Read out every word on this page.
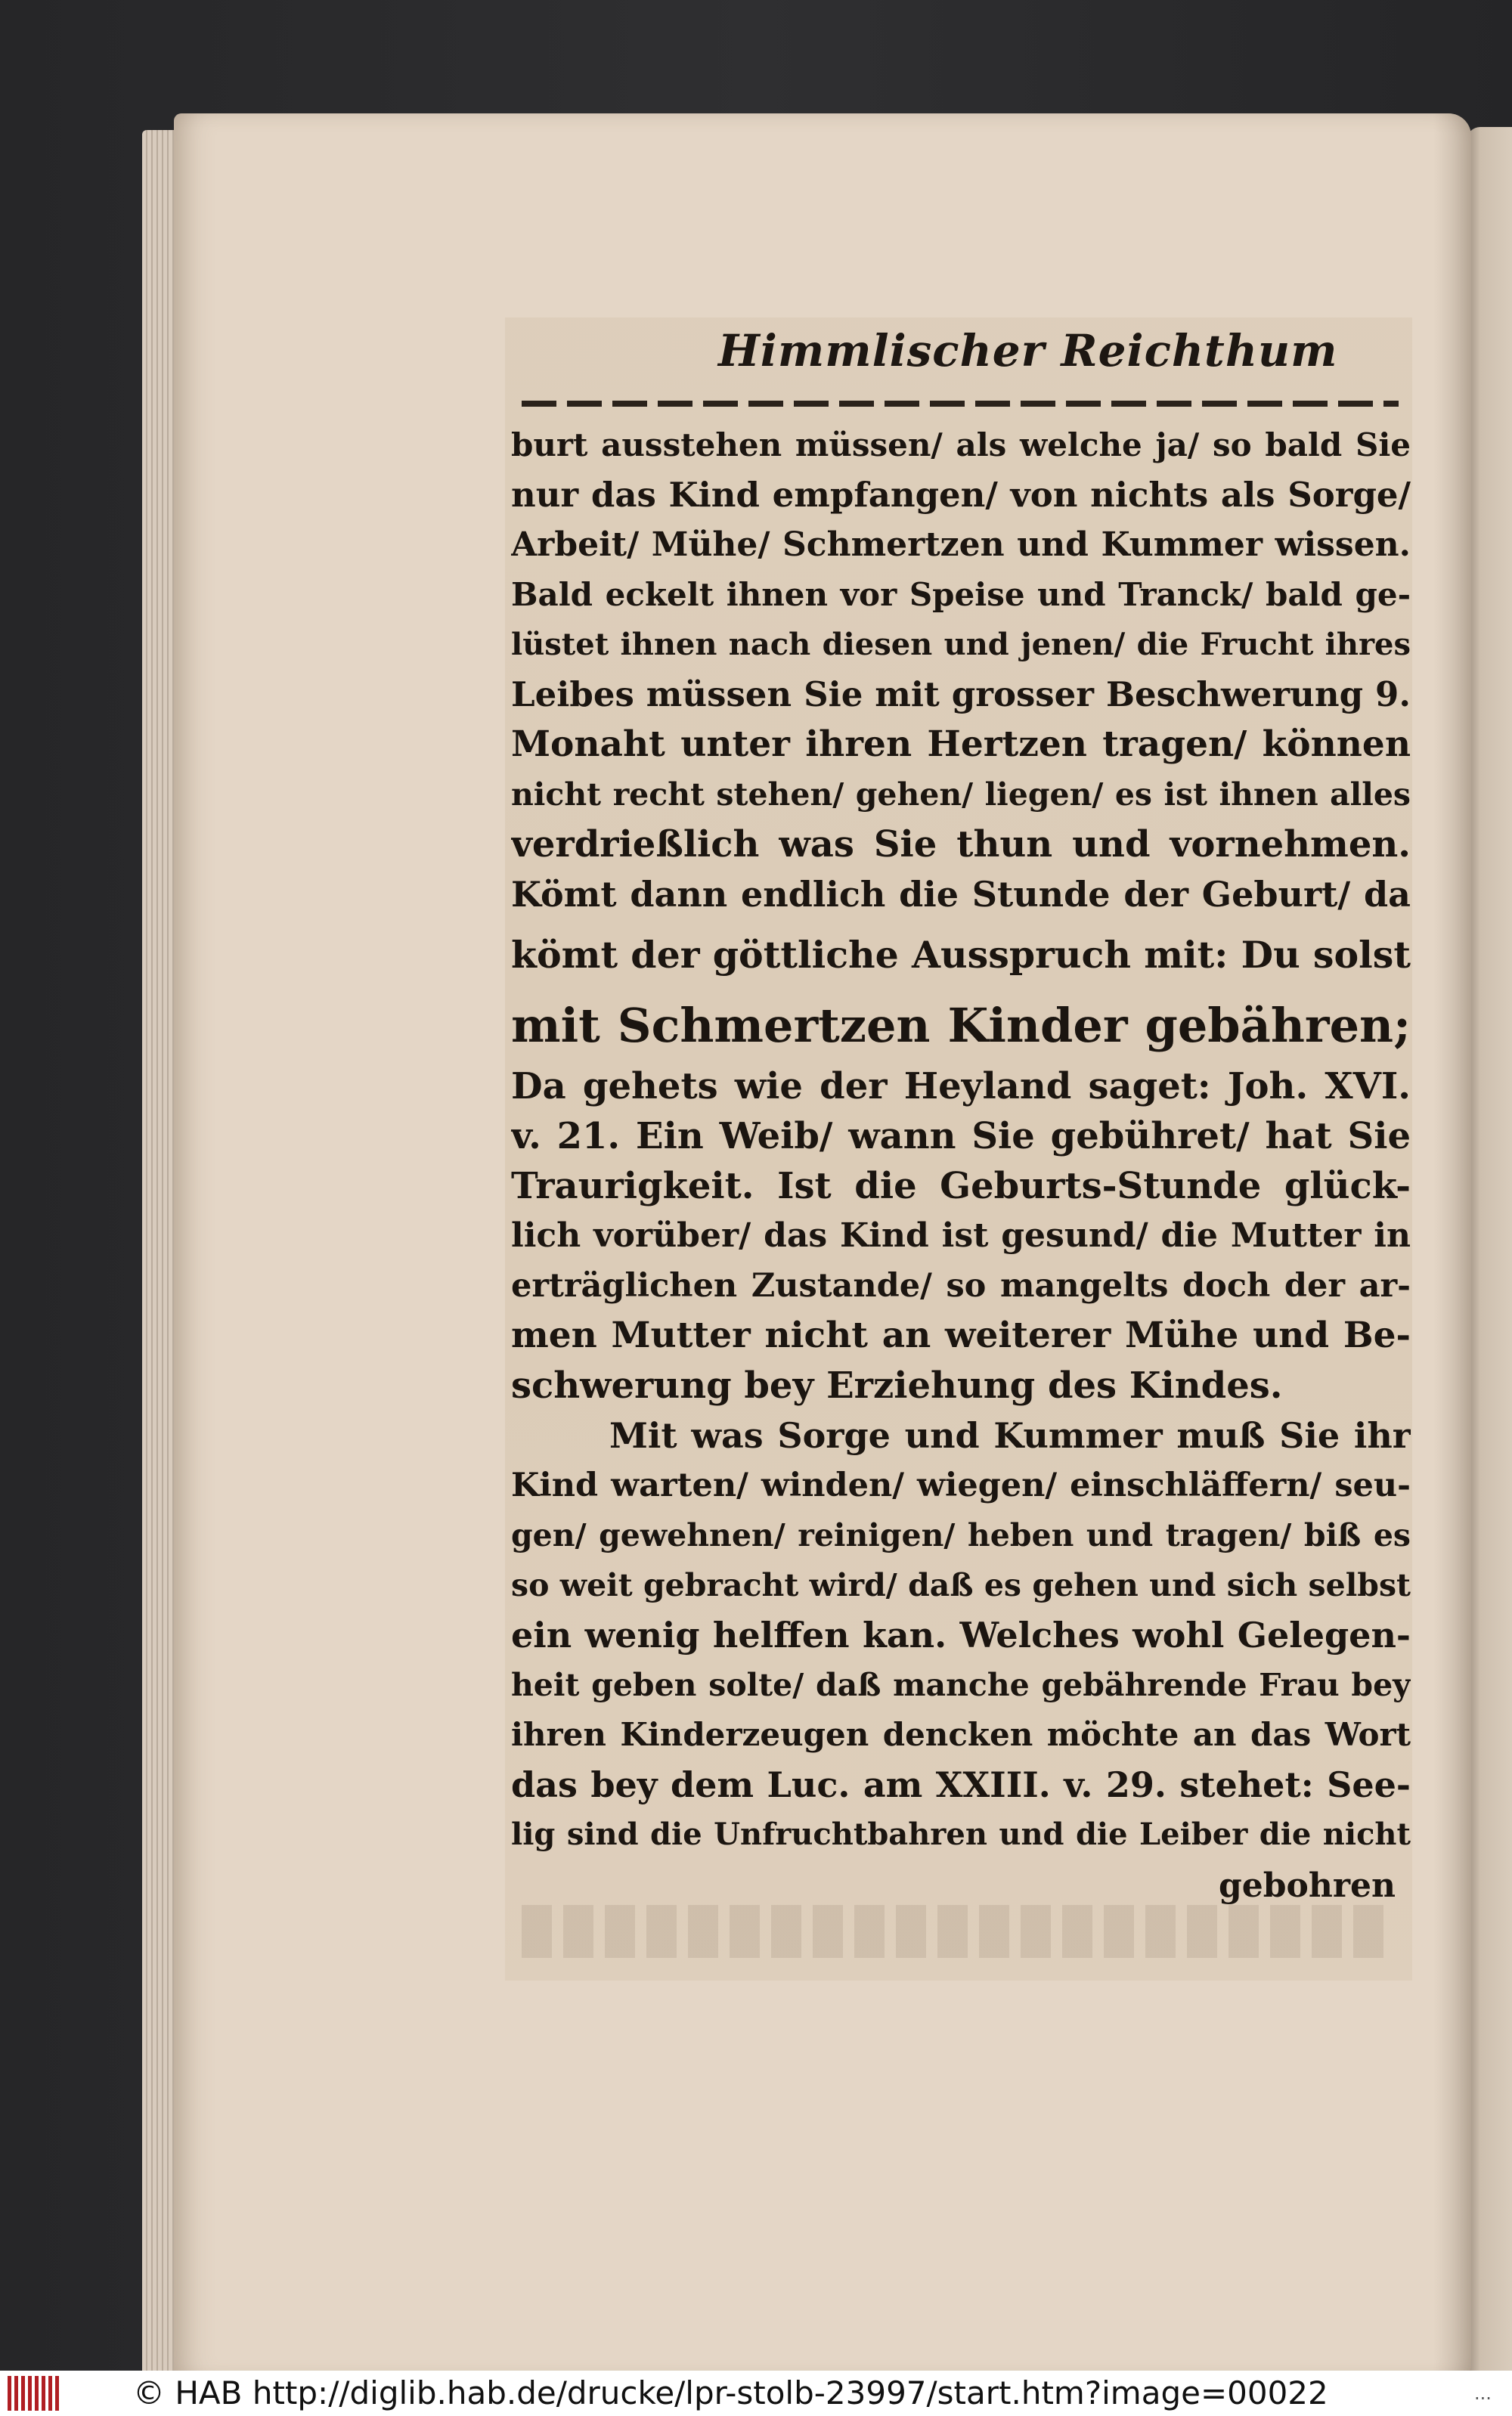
Himmlischer Reichthum
burt ausstehen müssen/ als welche ja/ so bald Sie
nur das Kind empfangen/ von nichts als Sorge/
Arbeit/ Mühe/ Schmertzen und Kummer wissen.
Bald eckelt ihnen vor Speise und Tranck/ bald ge-
lüstet ihnen nach diesen und jenen/ die Frucht ihres
Leibes müssen Sie mit grosser Beschwerung 9.
Monaht unter ihren Hertzen tragen/ können
nicht recht stehen/ gehen/ liegen/ es ist ihnen alles
verdrießlich was Sie thun und vornehmen.
Kömt dann endlich die Stunde der Geburt/ da
kömt der göttliche Ausspruch mit: Du solst
mit Schmertzen Kinder gebähren;
Da gehets wie der Heyland saget: Joh. XVI.
v. 21. Ein Weib/ wann Sie gebühret/ hat Sie
Traurigkeit. Ist die Geburts-Stunde glück-
lich vorüber/ das Kind ist gesund/ die Mutter in
erträglichen Zustande/ so mangelts doch der ar-
men Mutter nicht an weiterer Mühe und Be-
schwerung bey Erziehung des Kindes.
Mit was Sorge und Kummer muß Sie ihr
Kind warten/ winden/ wiegen/ einschläffern/ seu-
gen/ gewehnen/ reinigen/ heben und tragen/ biß es
so weit gebracht wird/ daß es gehen und sich selbst
ein wenig helffen kan. Welches wohl Gelegen-
heit geben solte/ daß manche gebährende Frau bey
ihren Kinderzeugen dencken möchte an das Wort
das bey dem Luc. am XXIII. v. 29. stehet: See-
lig sind die Unfruchtbahren und die Leiber die nicht
gebohren
© HAB http://diglib.hab.de/drucke/lpr-stolb-23997/start.htm?image=00022	...
